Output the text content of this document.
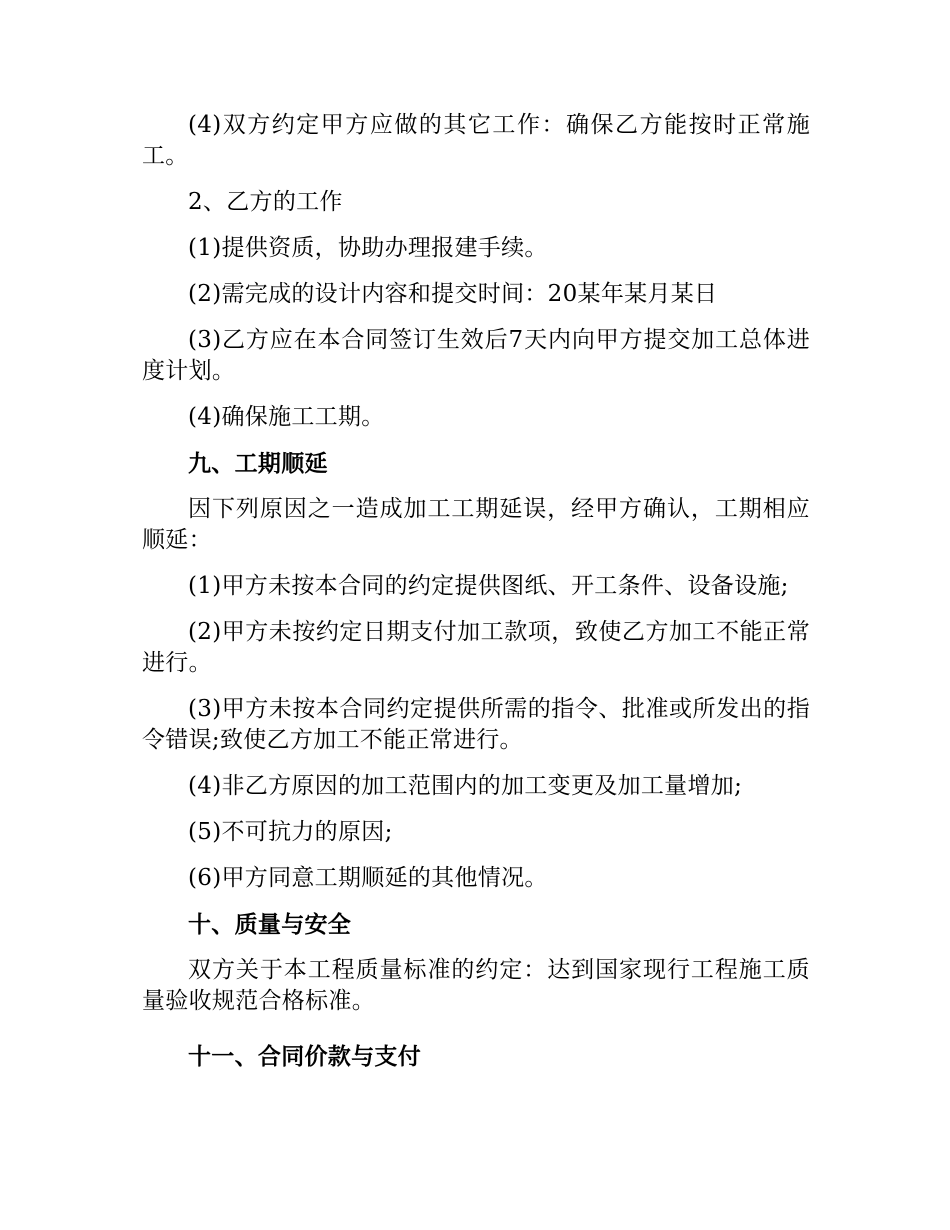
(4)双方约定甲方应做的其它工作：确保乙方能按时正常施工。

2、乙方的工作

(1)提供资质，协助办理报建手续。

(2)需完成的设计内容和提交时间：20某年某月某日

(3)乙方应在本合同签订生效后7天内向甲方提交加工总体进度计划。

(4)确保施工工期。

九、工期顺延

因下列原因之一造成加工工期延误，经甲方确认，工期相应顺延：

(1)甲方未按本合同的约定提供图纸、开工条件、设备设施;

(2)甲方未按约定日期支付加工款项，致使乙方加工不能正常进行。

(3)甲方未按本合同约定提供所需的指令、批准或所发出的指令错误;致使乙方加工不能正常进行。

(4)非乙方原因的加工范围内的加工变更及加工量增加;

(5)不可抗力的原因;

(6)甲方同意工期顺延的其他情况。

十、质量与安全

双方关于本工程质量标准的约定：达到国家现行工程施工质量验收规范合格标准。

十一、合同价款与支付
